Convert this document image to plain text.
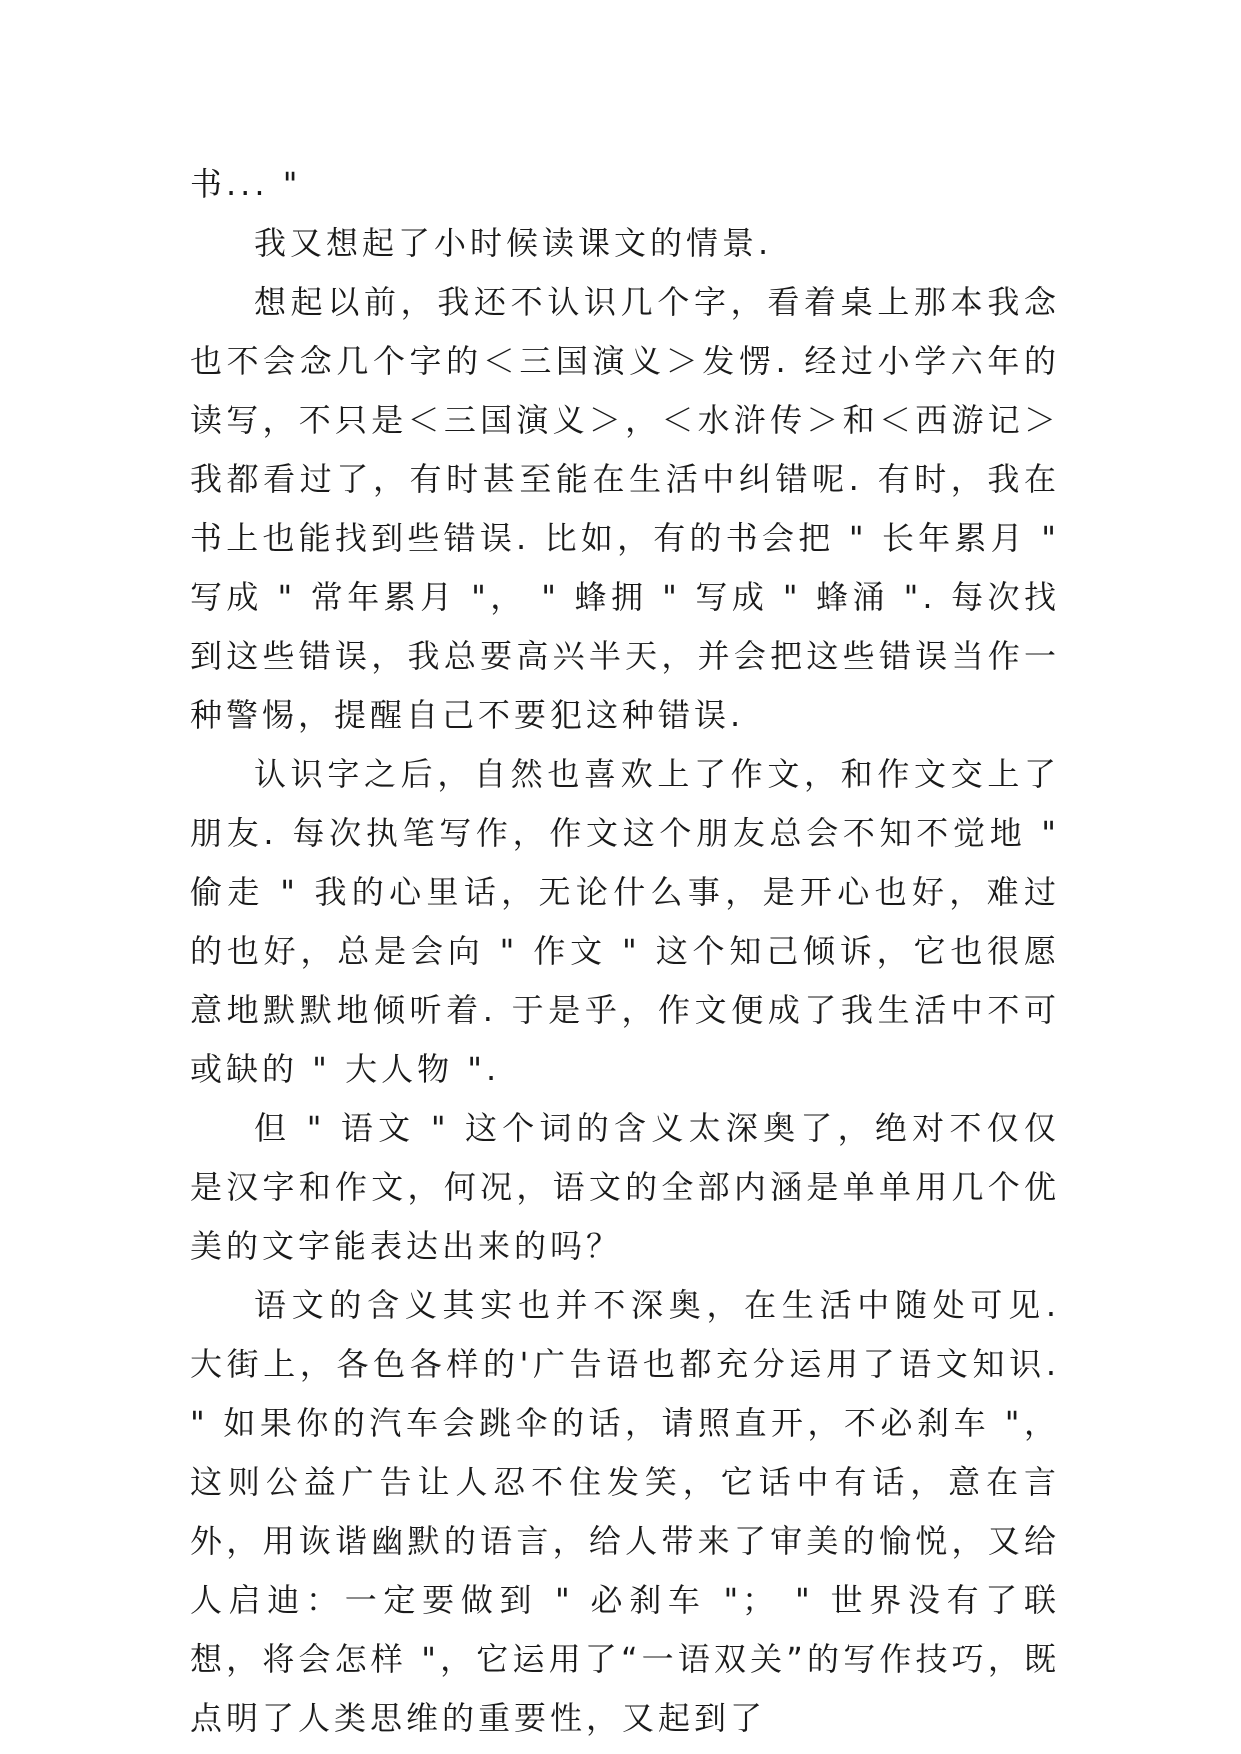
书... "

我又想起了小时候读课文的情景.

想起以前，我还不认识几个字，看着桌上那本我念也不会念几个字的＜三国演义＞发愣. 经过小学六年的读写，不只是＜三国演义＞，＜水浒传＞和＜西游记＞我都看过了，有时甚至能在生活中纠错呢. 有时，我在书上也能找到些错误. 比如，有的书会把 " 长年累月 " 写成 " 常年累月 "， " 蜂拥 " 写成 " 蜂涌 ". 每次找到这些错误，我总要高兴半天，并会把这些错误当作一种警惕，提醒自己不要犯这种错误.

认识字之后，自然也喜欢上了作文，和作文交上了朋友. 每次执笔写作，作文这个朋友总会不知不觉地 " 偷走 " 我的心里话，无论什么事，是开心也好，难过的也好，总是会向 " 作文 " 这个知己倾诉，它也很愿意地默默地倾听着. 于是乎，作文便成了我生活中不可或缺的 " 大人物 ".

但 " 语文 " 这个词的含义太深奥了，绝对不仅仅是汉字和作文，何况，语文的全部内涵是单单用几个优美的文字能表达出来的吗？

语文的含义其实也并不深奥，在生活中随处可见. 大街上，各色各样的'广告语也都充分运用了语文知识. " 如果你的汽车会跳伞的话，请照直开，不必刹车 "，这则公益广告让人忍不住发笑，它话中有话，意在言外，用诙谐幽默的语言，给人带来了审美的愉悦，又给人启迪：一定要做到 " 必刹车 "； " 世界没有了联想，将会怎样 "，它运用了“一语双关”的写作技巧，既点明了人类思维的重要性，又起到了
